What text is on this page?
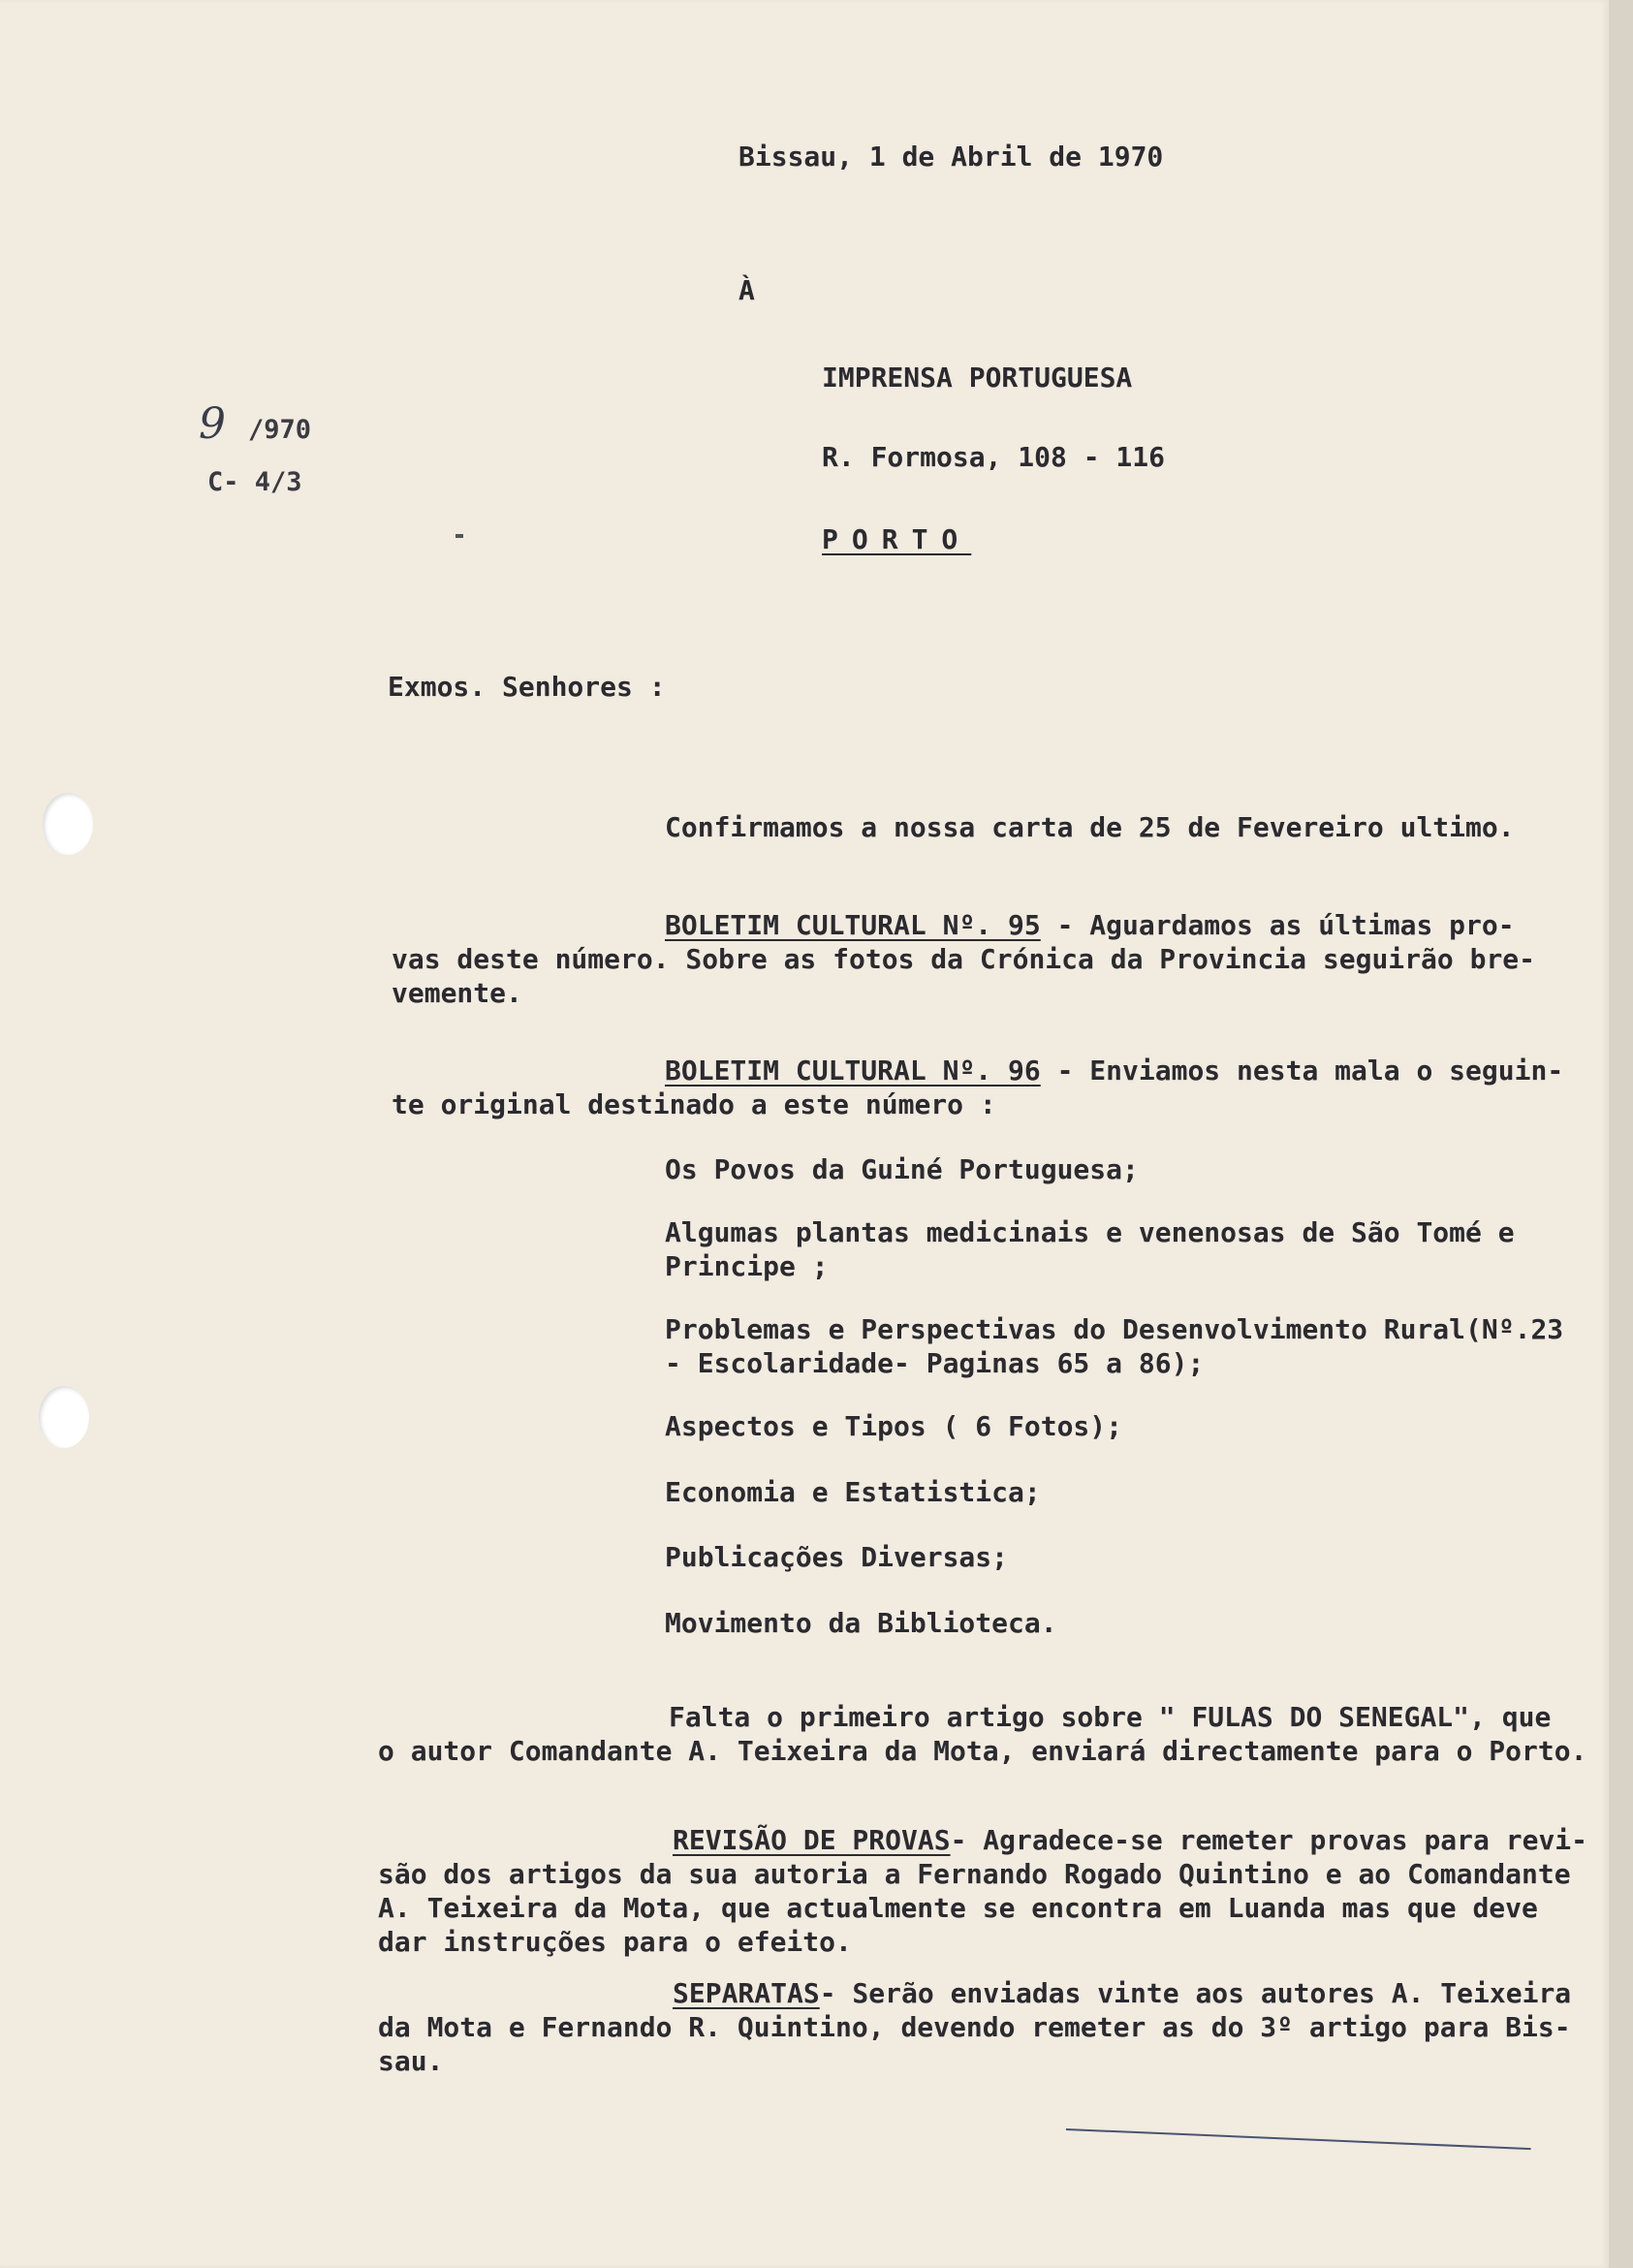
Bissau, 1 de Abril de 1970
À
IMPRENSA PORTUGUESA
R. Formosa, 108 - 116
PORTO
9 /970
C- 4/3
Exmos. Senhores :
Confirmamos a nossa carta de 25 de Fevereiro ultimo.
BOLETIM CULTURAL Nº. 95 - Aguardamos as últimas pro-
vas deste número. Sobre as fotos da Crónica da Provincia seguirão bre-
vemente.
BOLETIM CULTURAL Nº. 96 - Enviamos nesta mala o seguin-
te original destinado a este número :
Os Povos da Guiné Portuguesa;
Algumas plantas medicinais e venenosas de São Tomé e
Principe ;
Problemas e Perspectivas do Desenvolvimento Rural(Nº.23
- Escolaridade- Paginas 65 a 86);
Aspectos e Tipos ( 6 Fotos);
Economia e Estatistica;
Publicações Diversas;
Movimento da Biblioteca.
Falta o primeiro artigo sobre " FULAS DO SENEGAL", que
o autor Comandante A. Teixeira da Mota, enviará directamente para o Porto.
REVISÃO DE PROVAS- Agradece-se remeter provas para revi-
são dos artigos da sua autoria a Fernando Rogado Quintino e ao Comandante
A. Teixeira da Mota, que actualmente se encontra em Luanda mas que deve
dar instruções para o efeito.
SEPARATAS- Serão enviadas vinte aos autores A. Teixeira
da Mota e Fernando R. Quintino, devendo remeter as do 3º artigo para Bis-
sau.
